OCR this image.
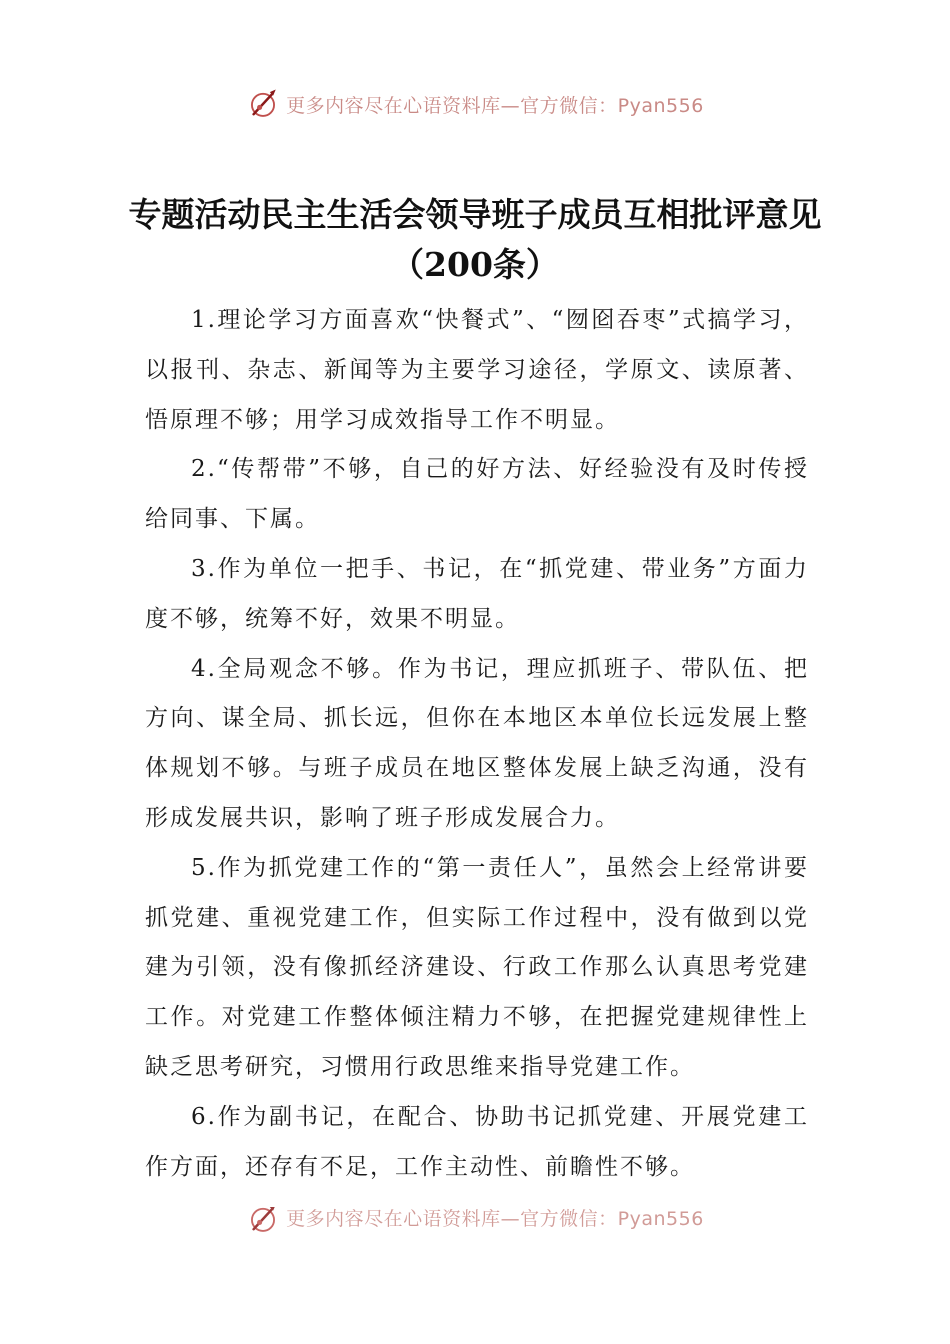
更多内容尽在心语资料库—官方微信：Pyan556
专题活动民主生活会领导班子成员互相批评意见（200条）

1.理论学习方面喜欢“快餐式”、“囫囵吞枣”式搞学习，以报刊、杂志、新闻等为主要学习途径，学原文、读原著、悟原理不够；用学习成效指导工作不明显。

2.“传帮带”不够，自己的好方法、好经验没有及时传授给同事、下属。

3.作为单位一把手、书记，在“抓党建、带业务”方面力度不够，统筹不好，效果不明显。

4.全局观念不够。作为书记，理应抓班子、带队伍、把方向、谋全局、抓长远，但你在本地区本单位长远发展上整体规划不够。与班子成员在地区整体发展上缺乏沟通，没有形成发展共识，影响了班子形成发展合力。

5.作为抓党建工作的“第一责任人”，虽然会上经常讲要抓党建、重视党建工作，但实际工作过程中，没有做到以党建为引领，没有像抓经济建设、行政工作那么认真思考党建工作。对党建工作整体倾注精力不够，在把握党建规律性上缺乏思考研究，习惯用行政思维来指导党建工作。

6.作为副书记，在配合、协助书记抓党建、开展党建工作方面，还存有不足，工作主动性、前瞻性不够。

更多内容尽在心语资料库—官方微信：Pyan556
